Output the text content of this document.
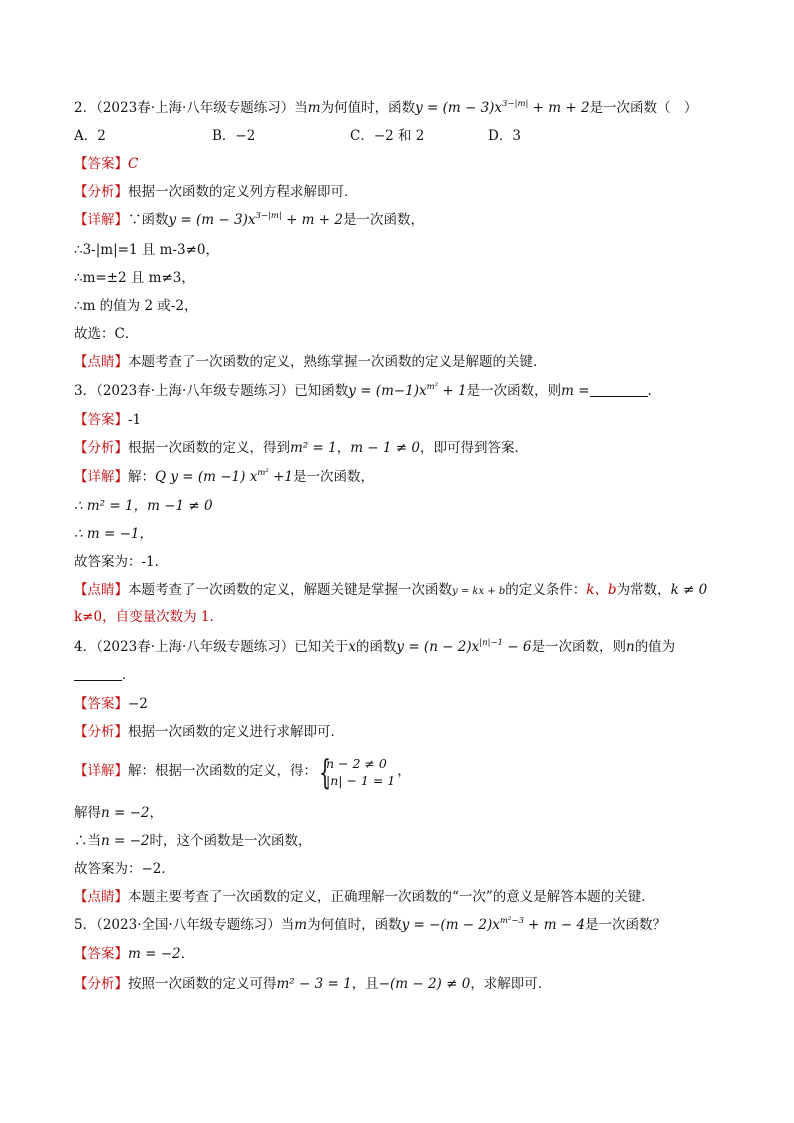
2．（2023春·上海·八年级专题练习）当m为何值时，函数$y = (m - 3)x^{3-|m|} + m + 2$是一次函数（　）
A．2	B．−2	C．−2 和 2	D．3
【答案】C
【分析】根据一次函数的定义列方程求解即可．
【详解】∵函数$y = (m - 3)x^{3-|m|} + m + 2$是一次函数，
∴3-|m|=1 且 m-3≠0，
∴m=±2 且 m≠3，
∴m 的值为 2 或-2，
故选：C．
【点睛】本题考查了一次函数的定义，熟练掌握一次函数的定义是解题的关键．
3．（2023春·上海·八年级专题练习）已知函数$y = (m-1)x^{m^2} + 1$是一次函数，则m =	．
【答案】-1
【分析】根据一次函数的定义，得到m² = 1，m − 1 ≠ 0，即可得到答案．
【详解】解：Q y = (m −1) $x^{m^2} +1$是一次函数，
∴ m² = 1，m −1 ≠ 0
∴ m = −1，
故答案为：-1．
【点睛】本题考查了一次函数的定义，解题关键是掌握一次函数y = kx + b的定义条件：k、b为常数，k ≠ 0
k≠0，自变量次数为 1．
4．（2023春·上海·八年级专题练习）已知关于x的函数$y = (n - 2)x^{|n|-1} - 6$是一次函数，则n的值为
．
【答案】−2
【分析】根据一次函数的定义进行求解即可．
【详解】解：根据一次函数的定义，得： {
n − 2 ≠ 0
|n| − 1 = 1
，
解得n = −2，
∴当n = −2时，这个函数是一次函数，
故答案为：−2．
【点睛】本题主要考查了一次函数的定义，正确理解一次函数的“一次”的意义是解答本题的关键．
5．（2023·全国·八年级专题练习）当m为何值时，函数$y = -(m - 2)x^{m^2-3} + m - 4$是一次函数？
【答案】m = −2．
【分析】按照一次函数的定义可得m² − 3 = 1，且−(m − 2) ≠ 0，求解即可．
